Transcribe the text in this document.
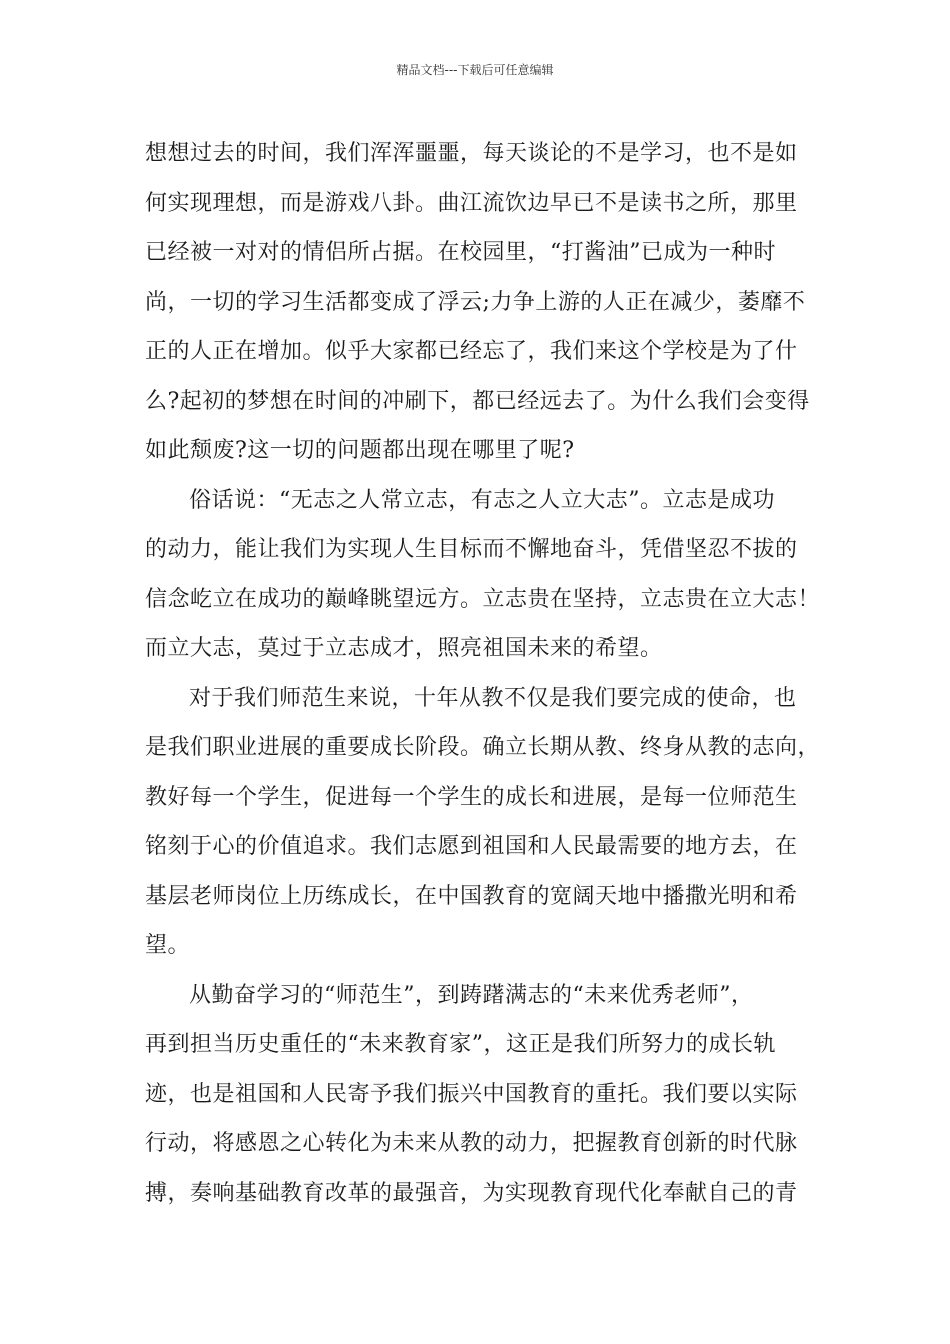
精品文档---下载后可任意编辑
想想过去的时间，我们浑浑噩噩，每天谈论的不是学习，也不是如
何实现理想，而是游戏八卦。曲江流饮边早已不是读书之所，那里
已经被一对对的情侣所占据。在校园里，“打酱油”已成为一种时
尚，一切的学习生活都变成了浮云;力争上游的人正在减少，萎靡不
正的人正在增加。似乎大家都已经忘了，我们来这个学校是为了什
么?起初的梦想在时间的冲刷下，都已经远去了。为什么我们会变得
如此颓废?这一切的问题都出现在哪里了呢?
俗话说：“无志之人常立志，有志之人立大志”。立志是成功
的动力，能让我们为实现人生目标而不懈地奋斗，凭借坚忍不拔的
信念屹立在成功的巅峰眺望远方。立志贵在坚持，立志贵在立大志！
而立大志，莫过于立志成才，照亮祖国未来的希望。
对于我们师范生来说，十年从教不仅是我们要完成的使命，也
是我们职业进展的重要成长阶段。确立长期从教、终身从教的志向，
教好每一个学生，促进每一个学生的成长和进展，是每一位师范生
铭刻于心的价值追求。我们志愿到祖国和人民最需要的地方去，在
基层老师岗位上历练成长，在中国教育的宽阔天地中播撒光明和希
望。
从勤奋学习的“师范生”，到踌躇满志的“未来优秀老师”，
再到担当历史重任的“未来教育家”，这正是我们所努力的成长轨
迹，也是祖国和人民寄予我们振兴中国教育的重托。我们要以实际
行动，将感恩之心转化为未来从教的动力，把握教育创新的时代脉
搏，奏响基础教育改革的最强音，为实现教育现代化奉献自己的青
